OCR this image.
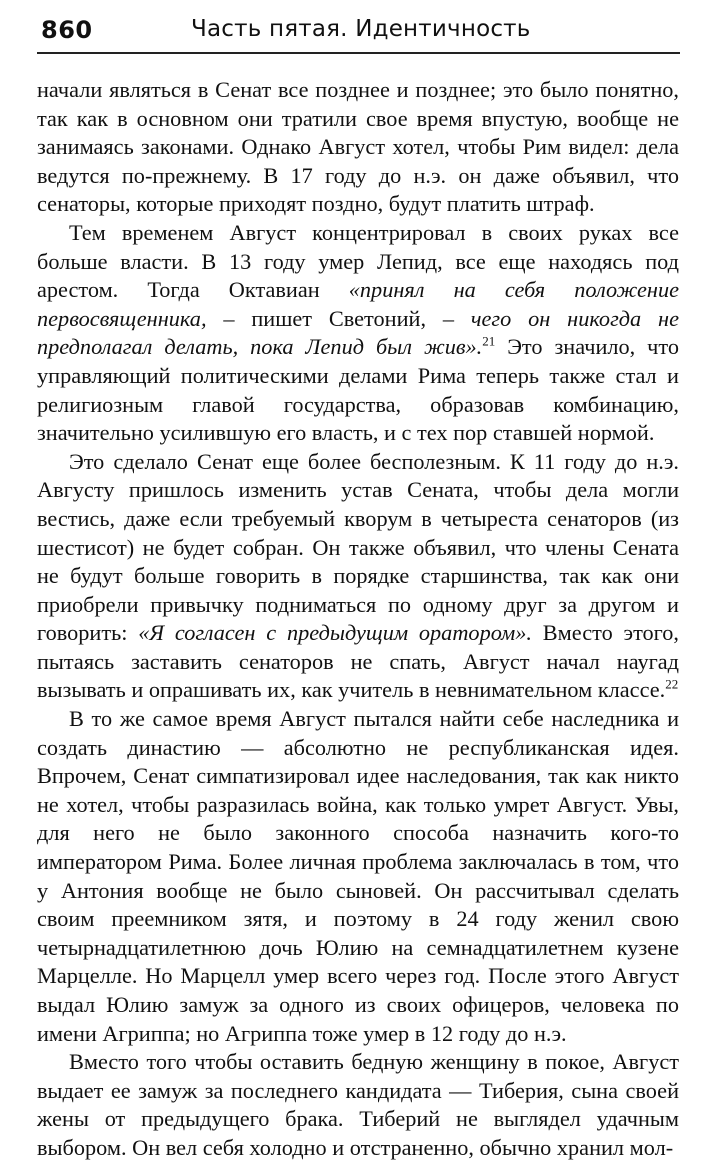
860	Часть пятая. Идентичность

начали являться в Сенат все позднее и позднее; это было понятно, так как в основном они тратили свое время впустую, вообще не занимаясь законами. Однако Август хотел, чтобы Рим видел: дела ведутся по-прежнему. В 17 году до н.э. он даже объявил, что сенаторы, которые приходят поздно, будут платить штраф.

Тем временем Август концентрировал в своих руках все больше власти. В 13 году умер Лепид, все еще находясь под арестом. Тогда Октавиан «принял на себя положение первосвященника, – пишет Светоний, – чего он никогда не предполагал делать, пока Лепид был жив».$^{21}$ Это значило, что управляющий политическими делами Рима теперь также стал и религиозным главой государства, образовав комбинацию, значительно усилившую его власть, и с тех пор ставшей нормой.

Это сделало Сенат еще более бесполезным. К 11 году до н.э. Августу пришлось изменить устав Сената, чтобы дела могли вестись, даже если требуемый кворум в четыреста сенаторов (из шестисот) не будет собран. Он также объявил, что члены Сената не будут больше говорить в порядке старшинства, так как они приобрели привычку подниматься по одному друг за другом и говорить: «Я согласен с предыдущим оратором». Вместо этого, пытаясь заставить сенаторов не спать, Август начал наугад вызывать и опрашивать их, как учитель в невнимательном классе.$^{22}$

В то же самое время Август пытался найти себе наследника и создать династию — абсолютно не республиканская идея. Впрочем, Сенат симпатизировал идее наследования, так как никто не хотел, чтобы разразилась война, как только умрет Август. Увы, для него не было законного способа назначить кого-то императором Рима. Более личная проблема заключалась в том, что у Антония вообще не было сыновей. Он рассчитывал сделать своим преемником зятя, и поэтому в 24 году женил свою четырнадцатилетнюю дочь Юлию на семнадцатилетнем кузене Марцелле. Но Марцелл умер всего через год. После этого Август выдал Юлию замуж за одного из своих офицеров, человека по имени Агриппа; но Агриппа тоже умер в 12 году до н.э.

Вместо того чтобы оставить бедную женщину в покое, Август выдает ее замуж за последнего кандидата — Тиберия, сына своей жены от предыдущего брака. Тиберий не выглядел удачным выбором. Он вел себя холодно и отстраненно, обычно хранил мол-
